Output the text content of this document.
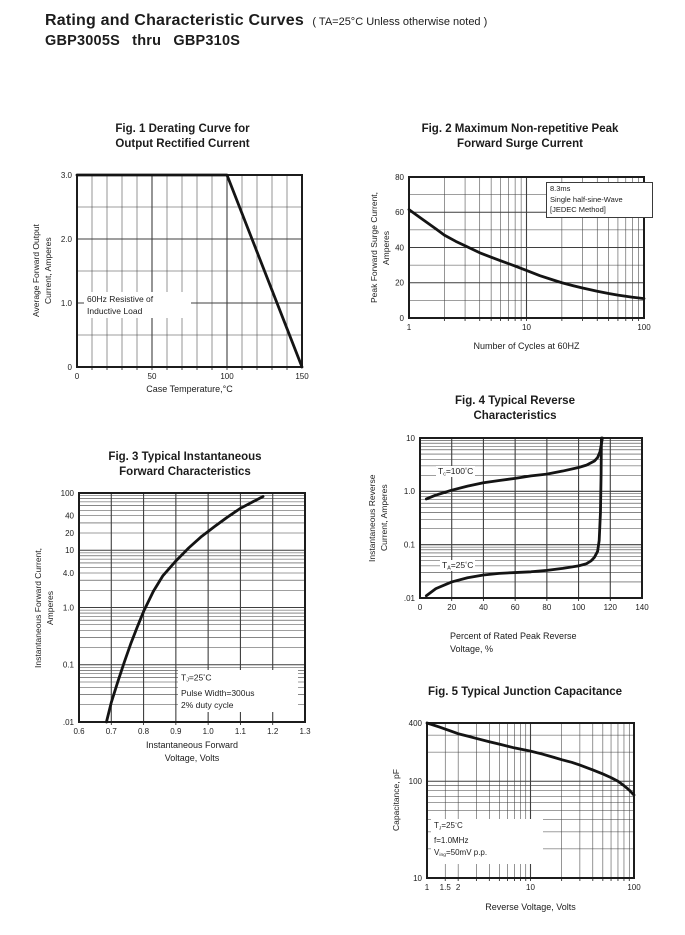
Rating and Characteristic Curves ( TA=25°C Unless otherwise noted )
GBP3005S thru GBP310S
Fig. 1 Derating Curve for
Output Rectified Current
Average Forward Output Current, Amperes
0	50	100	150
0
1.0
2.0
3.0
60Hz Resistive of
Inductive Load
Case Temperature,°C
Fig. 2 Maximum Non-repetitive Peak
Forward Surge Current
Peak Forward Surge Current, Amperes
1	10	100
0
20
40
60
80
8.3ms
Single half-sine-Wave
[JEDEC Method]
Number of Cycles at 60HZ
Fig. 3 Typical Instantaneous
Forward Characteristics
Instantaneous Forward Current, Amperes
0.6	0.7	0.8	0.9	1.0	1.1	1.2	1.3
100
40
20
10
4.0
1.0
0.1
.01
$T_J=25^\circ C$
Pulse Width=300us
2% duty cycle
Instantaneous Forward
Voltage, Volts
Fig. 4 Typical Reverse
Characteristics
Instantaneous Reverse Current, Amperes
0	20	40	60	80	100 120 140
10
1.0
0.1
.01
$T_c=100^\circ C$
$T_A=25^\circ C$
Percent of Rated Peak Reverse
Voltage, %
Fig. 5 Typical Junction Capacitance
Capacitance, pF
1 1.5 2	10	100
400
100
10
$T_J=25^\circ C$
f=1.0MHz
$V_{ing}=50mV$ p.p.
Reverse Voltage, Volts
